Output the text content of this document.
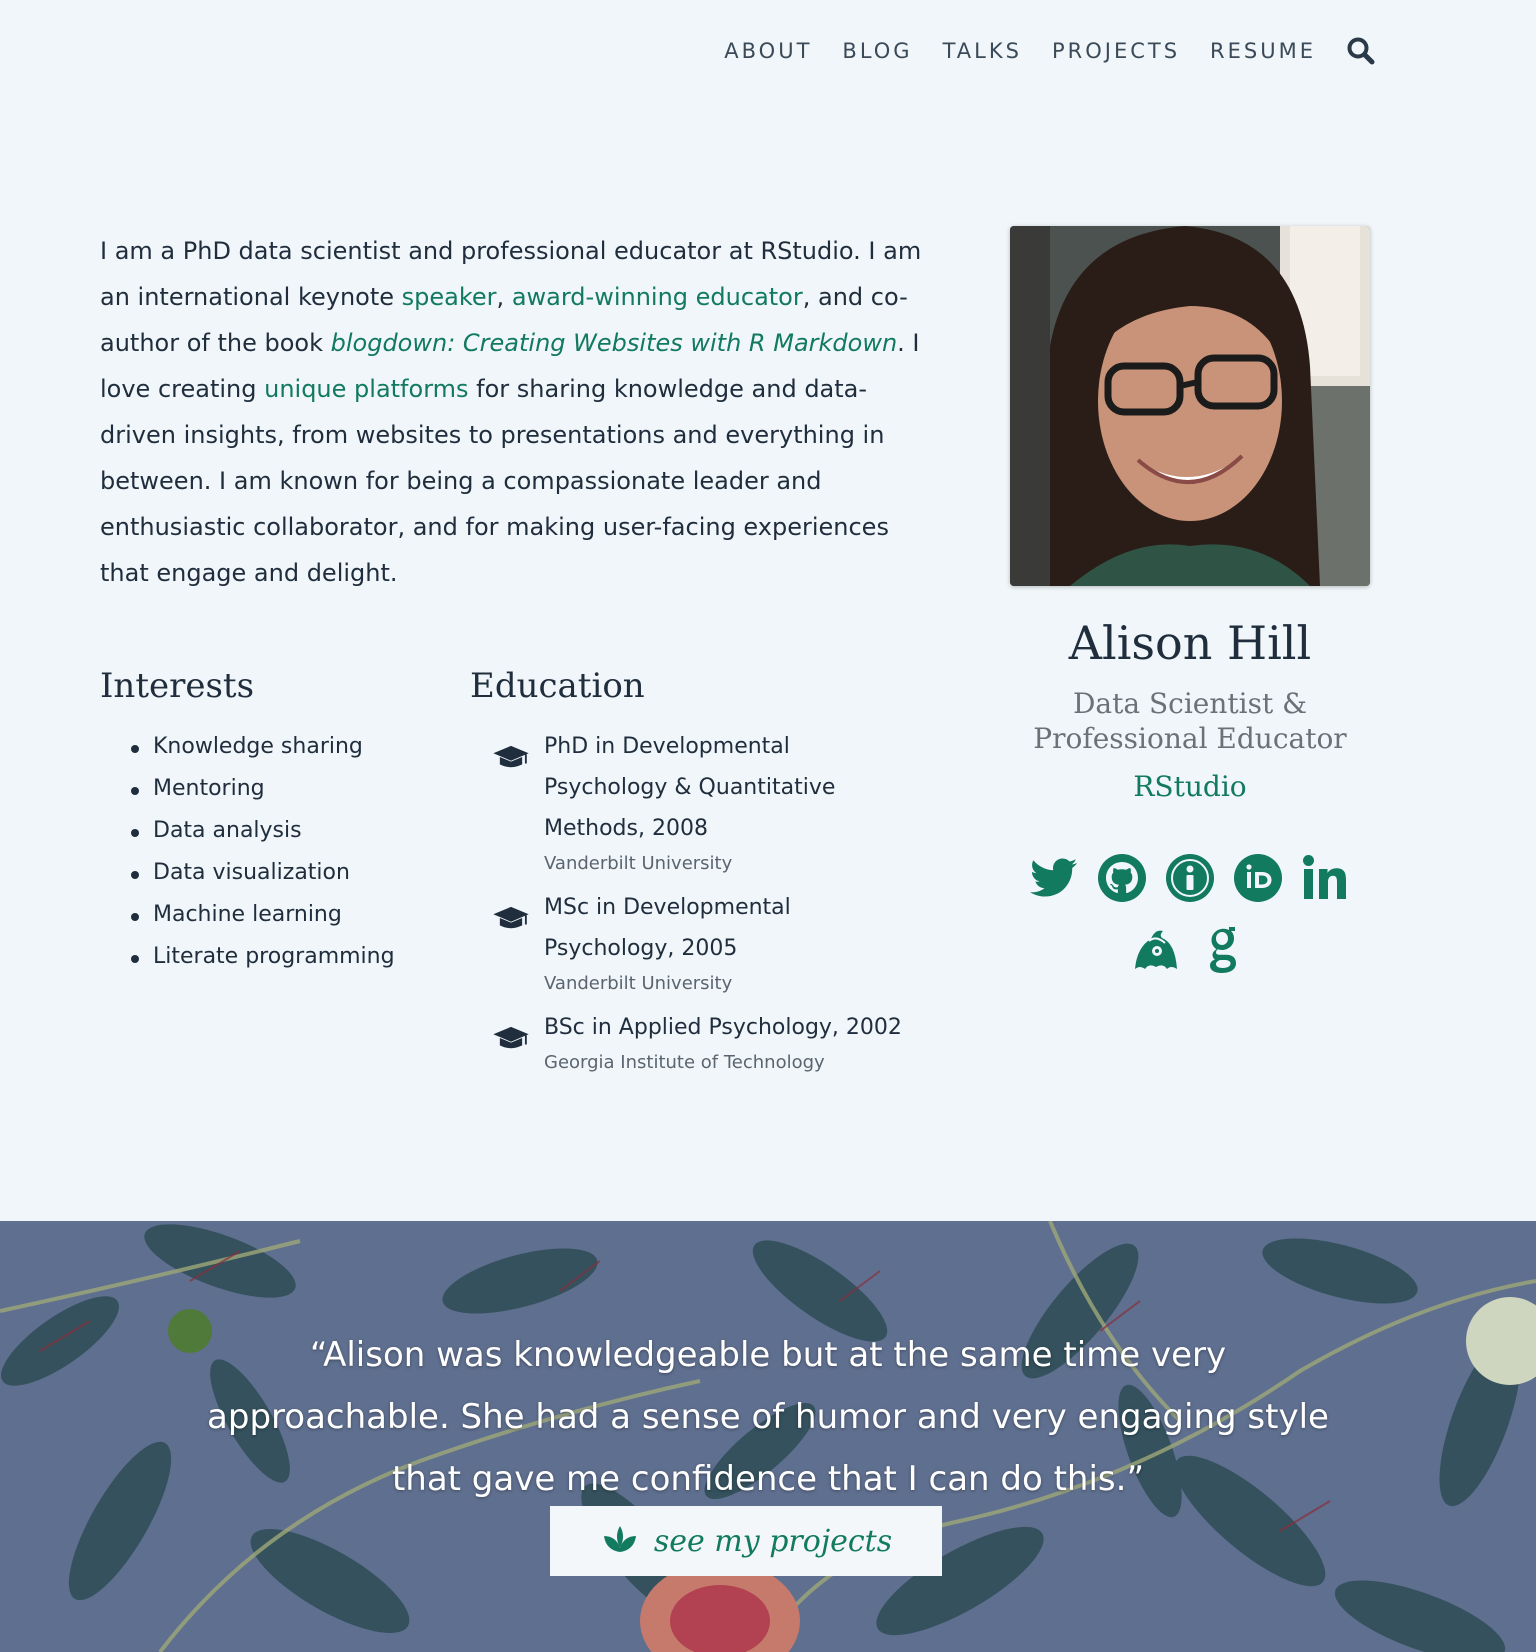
ABOUT BLOG TALKS PROJECTS RESUME
I am a PhD data scientist and professional educator at RStudio. I am an international keynote speaker, award-winning educator, and co-author of the book blogdown: Creating Websites with R Markdown. I love creating unique platforms for sharing knowledge and data-driven insights, from websites to presentations and everything in between. I am known for being a compassionate leader and enthusiastic collaborator, and for making user-facing experiences that engage and delight.
Interests
Knowledge sharing
Mentoring
Data analysis
Data visualization
Machine learning
Literate programming
Education
PhD in Developmental Psychology & Quantitative Methods, 2008
Vanderbilt University
MSc in Developmental Psychology, 2005
Vanderbilt University
BSc in Applied Psychology, 2002
Georgia Institute of Technology
Alison Hill
Data Scientist & Professional Educator
RStudio

“Alison was knowledgeable but at the same time very approachable. She had a sense of humor and very engaging style that gave me confidence that I can do this.”

see my projects
